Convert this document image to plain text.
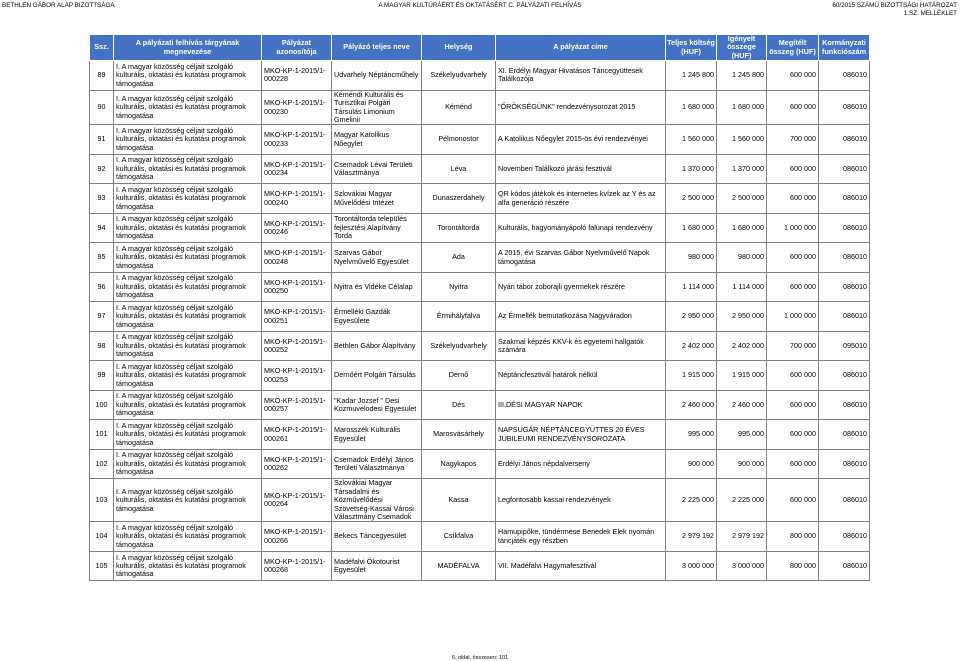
BETHLEN GÁBOR ALAP BIZOTTSÁGA	A MAGYAR KULTÚRÁÉRT ÉS OKTATÁSÉRT C. PÁLYÁZATI FELHÍVÁS	60/2015 SZÁMÚ BIZOTTSÁGI HATÁROZAT
1.SZ. MELLÉKLET
Ssz.	A pályázati felhívás tárgyának megnevezése	Pályázat azonosítója	Pályázó teljes neve	Helység	A pályázat címe	Teljes költség (HUF)	Igényelt összege (HUF)	Megítélt összeg (HUF)	Kormányzati funkciószám
89	I. A magyar közösség céljait szolgáló kulturális, oktatási és kutatási programok támogatása	MKO-KP-1-2015/1-000228	Udvarhely Néptáncműhely	Székelyudvarhely	XI. Erdélyi Magyar Hivatásos Táncegyüttesek Találkozója	1 245 800	1 245 800	600 000	086010
90	I. A magyar közösség céljait szolgáló kulturális, oktatási és kutatási programok támogatása	MKO-KP-1-2015/1-000230	Kéméndi Kulturális és Turisztikai Polgári Társulás Limonium Gmelinii	Kéménd	"ŐRÖKSÉGÜNK" rendezvénysorozat 2015	1 680 000	1 680 000	600 000	086010
91	I. A magyar közösség céljait szolgáló kulturális, oktatási és kutatási programok támogatása	MKO-KP-1-2015/1-000233	Magyar Katolikus Nőegylet	Pélmonostor	A Katolikus Nőegylet 2015-ös évi rendezvényei	1 560 000	1 560 000	700 000	086010
92	I. A magyar közösség céljait szolgáló kulturális, oktatási és kutatási programok támogatása	MKO-KP-1-2015/1-000234	Csemadok Lévai Területi Választmánya	Léva	Novemberi Találkozó járási fesztivál	1 370 000	1 370 000	600 000	086010
93	I. A magyar közösség céljait szolgáló kulturális, oktatási és kutatási programok támogatása	MKO-KP-1-2015/1-000240	Szlovákiai Magyar Művelődési Intézet	Dunaszerdahely	QR kódos játékok és internetes kvízek az Y és az alfa generáció részére	2 500 000	2 500 000	600 000	086010
94	I. A magyar közösség céljait szolgáló kulturális, oktatási és kutatási programok támogatása	MKO-KP-1-2015/1-000246	Torontáltorda település fejlesztési Alapítvány Torda	Torontáltorda	Kulturális, hagyományápoló falunapi rendezvény	1 680 000	1 680 000	1 000 000	086010
95	I. A magyar közösség céljait szolgáló kulturális, oktatási és kutatási programok támogatása	MKO-KP-1-2015/1-000248	Szarvas Gábor Nyelvművelő Egyesület	Ada	A 2015. évi Szarvas Gábor Nyelvművelő Napok támogatása	980 000	980 000	600 000	086010
96	I. A magyar közösség céljait szolgáló kulturális, oktatási és kutatási programok támogatása	MKO-KP-1-2015/1-000250	Nyitra és Vidéke Célalap	Nyitra	Nyári tábor zoborajli gyermekek részére	1 114 000	1 114 000	600 000	086010
97	I. A magyar közösség céljait szolgáló kulturális, oktatási és kutatási programok támogatása	MKO-KP-1-2015/1-000251	Érmelléki Gazdák Egyesülete	Érmihályfalva	Az Érmellék bemutatkozása Nagyváradon	2 950 000	2 950 000	1 000 000	086010
98	I. A magyar közösség céljait szolgáló kulturális, oktatási és kutatási programok támogatása	MKO-KP-1-2015/1-000252	Bethlen Gábor Alapítvány	Székelyudvarhely	Szakmai képzés KKV-k és egyetemi hallgatók számára	2 402 000	2 402 000	700 000	095010
99	I. A magyar közösség céljait szolgáló kulturális, oktatási és kutatási programok támogatása	MKO-KP-1-2015/1-000253	Dernőért Polgári Társulás	Dernő	Néptáncfesztivál határok nélkül	1 915 000	1 915 000	600 000	086010
100	I. A magyar közösség céljait szolgáló kulturális, oktatási és kutatási programok támogatása	MKO-KP-1-2015/1-000257	"Kadar Jozsef " Desi Kozmuvelodesi Egyesulet	Dés	III.DÉSI MAGYAR NAPOK	2 460 000	2 460 000	600 000	086010
101	I. A magyar közösség céljait szolgáló kulturális, oktatási és kutatási programok támogatása	MKO-KP-1-2015/1-000261	Marosszék Kulturális Egyesület	Marosvásárhely	NAPSUGÁR NÉPTÁNCEGYÜTTES 20 ÉVES JUBILEUMI RENDEZVÉNYSOROZATA	995 000	995 000	600 000	086010
102	I. A magyar közösség céljait szolgáló kulturális, oktatási és kutatási programok támogatása	MKO-KP-1-2015/1-000262	Csemadok Erdélyi János Területi Választmánya	Nagykapos	Erdélyi János népdalverseny	900 000	900 000	600 000	086010
103	I. A magyar közösség céljait szolgáló kulturális, oktatási és kutatási programok támogatása	MKO-KP-1-2015/1-000264	Szlovákiai Magyar Társadalmi és Közművelődési Szövetség-Kassai Városi Választmány Csemadok	Kassa	Legfontosabb kassai rendezvények	2 225 000	2 225 000	600 000	086010
104	I. A magyar közösség céljait szolgáló kulturális, oktatási és kutatási programok támogatása	MKO-KP-1-2015/1-000266	Bekecs Táncegyesület	Csíkfalva	Hamupipőke, tündérmese Benedek Elek nyomán táncjáték egy részben	2 979 192	2 979 192	800 000	086010
105	I. A magyar közösség céljait szolgáló kulturális, oktatási és kutatási programok támogatása	MKO-KP-1-2015/1-000268	Madéfalvi Ökotourist Egyesület	MADÉFALVA	VII. Madéfalvi Hagymafesztivál	3 000 000	3 000 000	800 000	086010
6. oldal, összesen: 101
